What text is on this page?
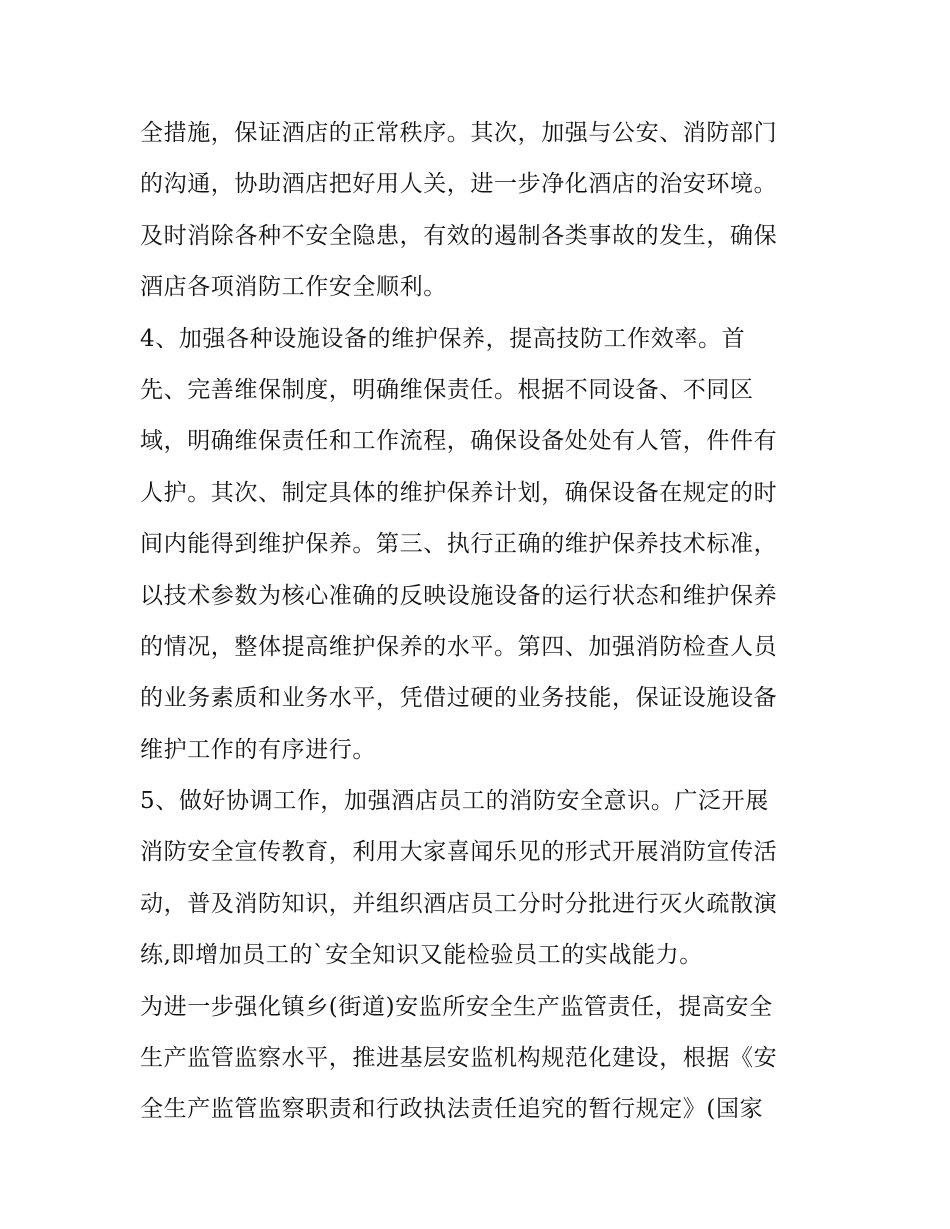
全措施，保证酒店的正常秩序。其次，加强与公安、消防部门
的沟通，协助酒店把好用人关，进一步净化酒店的治安环境。
及时消除各种不安全隐患，有效的遏制各类事故的发生，确保
酒店各项消防工作安全顺利。
4、加强各种设施设备的维护保养，提高技防工作效率。首
先、完善维保制度，明确维保责任。根据不同设备、不同区
域，明确维保责任和工作流程，确保设备处处有人管，件件有
人护。其次、制定具体的维护保养计划，确保设备在规定的时
间内能得到维护保养。第三、执行正确的维护保养技术标准，
以技术参数为核心准确的反映设施设备的运行状态和维护保养
的情况，整体提高维护保养的水平。第四、加强消防检查人员
的业务素质和业务水平，凭借过硬的业务技能，保证设施设备
维护工作的有序进行。
5、做好协调工作，加强酒店员工的消防安全意识。广泛开展
消防安全宣传教育，利用大家喜闻乐见的形式开展消防宣传活
动，普及消防知识，并组织酒店员工分时分批进行灭火疏散演
练,即增加员工的`安全知识又能检验员工的实战能力。
为进一步强化镇乡(街道)安监所安全生产监管责任，提高安全
生产监管监察水平，推进基层安监机构规范化建设，根据《安
全生产监管监察职责和行政执法责任追究的暂行规定》(国家
